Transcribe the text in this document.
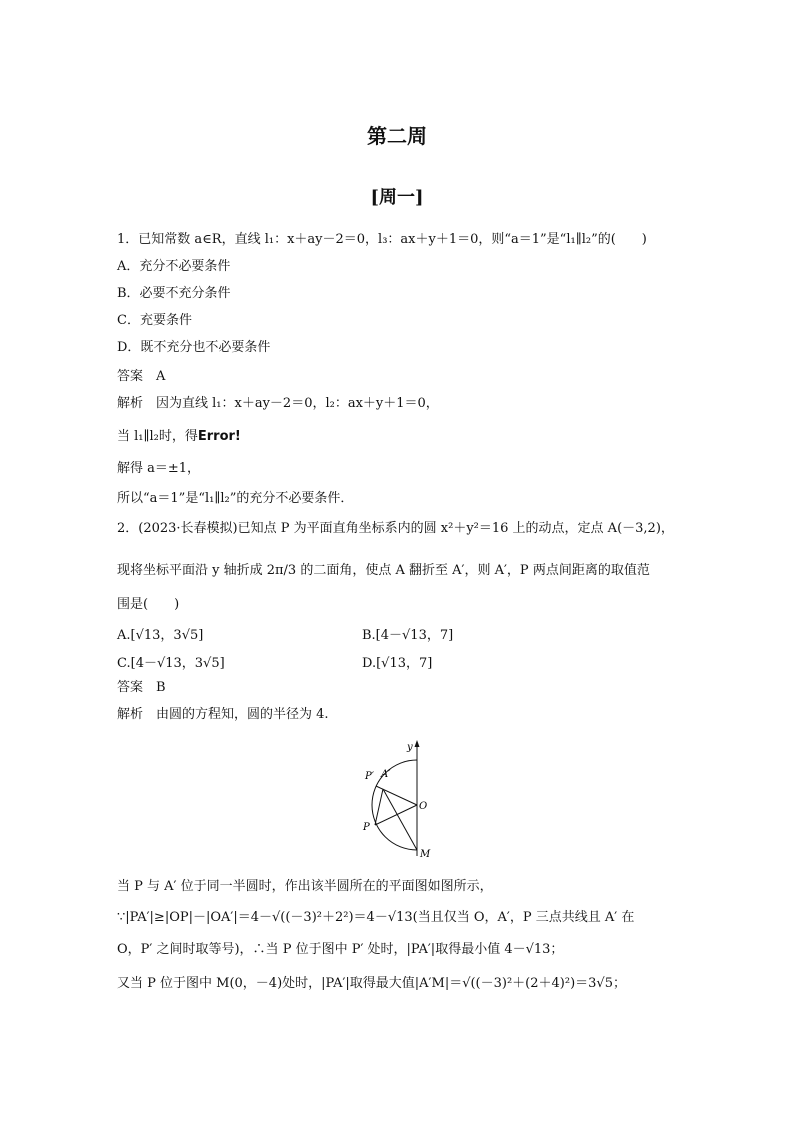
第二周
[周一]
1．已知常数 a∈R，直线 l₁：x＋ay－2＝0，l₃：ax＋y＋1＝0，则“a＝1”是“l₁∥l₂”的(　　)
A．充分不必要条件
B．必要不充分条件
C．充要条件
D．既不充分也不必要条件
答案　A
解析　因为直线 l₁：x＋ay－2＝0，l₂：ax＋y＋1＝0，
当 l₁∥l₂时，得Error!
解得 a＝±1，
所以“a＝1”是“l₁∥l₂”的充分不必要条件．
2．(2023·长春模拟)已知点 P 为平面直角坐标系内的圆 x²＋y²＝16 上的动点，定点 A(－3,2)，
现将坐标平面沿 y 轴折成 2π/3 的二面角，使点 A 翻折至 A′，则 A′，P 两点间距离的取值范
围是(　　)
A.[√13，3√5]	B.[4－√13，7]
C.[4－√13，3√5]	D.[√13，7]
答案　B
解析　由圆的方程知，圆的半径为 4.
y
P′ A′
O
P
M
当 P 与 A′ 位于同一半圆时，作出该半圆所在的平面图如图所示，
∵|PA′|≥|OP|－|OA′|＝4－√((－3)²＋2²)＝4－√13(当且仅当 O，A′，P 三点共线且 A′ 在
O，P′ 之间时取等号)，∴当 P 位于图中 P′ 处时，|PA′|取得最小值 4－√13；
又当 P 位于图中 M(0，－4)处时，|PA′|取得最大值|A′M|＝√((－3)²＋(2＋4)²)＝3√5；
